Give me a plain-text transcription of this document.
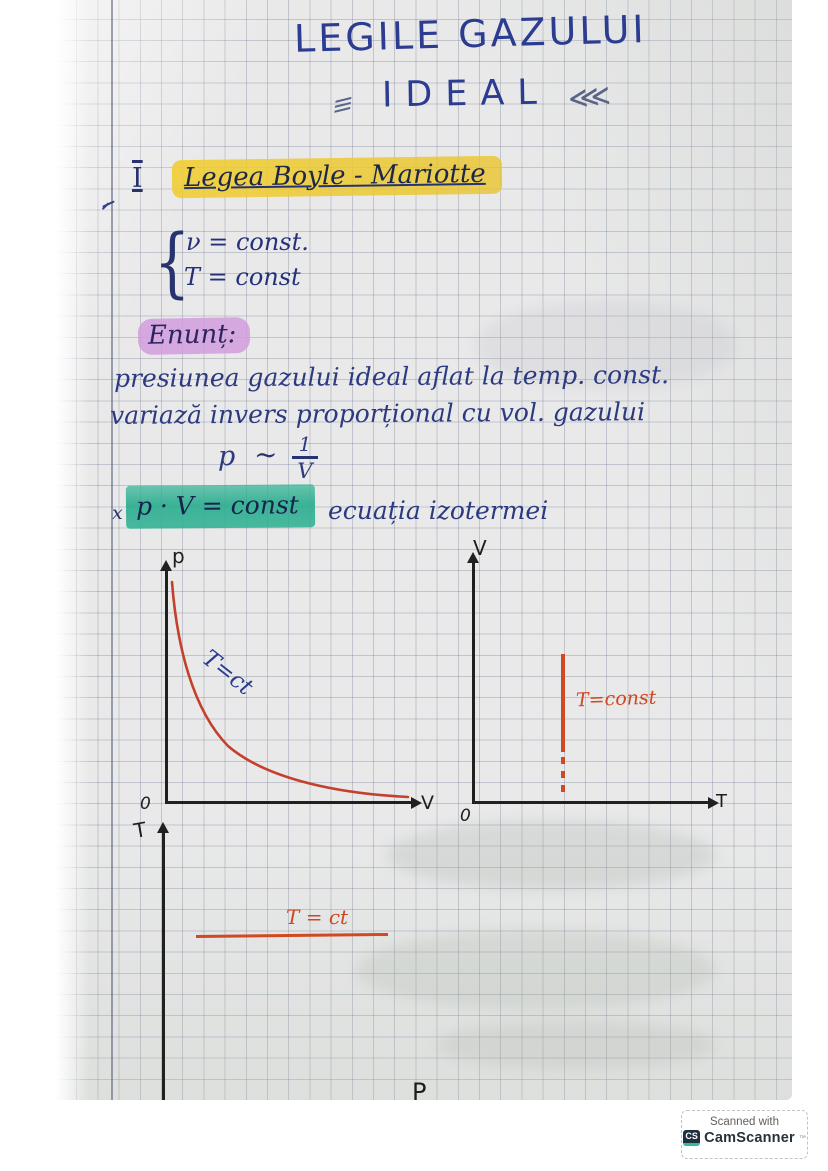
LEGILE GAZULUI
≡ IDEAL ⋘
I	Legea Boyle - Mariotte
{
ν = const.
T = const
Enunț:
presiunea gazului ideal aflat la temp. const.
variază invers proporțional cu vol. gazului
p ∼ 1
V
x p · V = const	ecuația izotermei
p
V
0
T=ct
V
T
0
T=const
T
T = ct
P
Scanned with
CS CamScanner ™
